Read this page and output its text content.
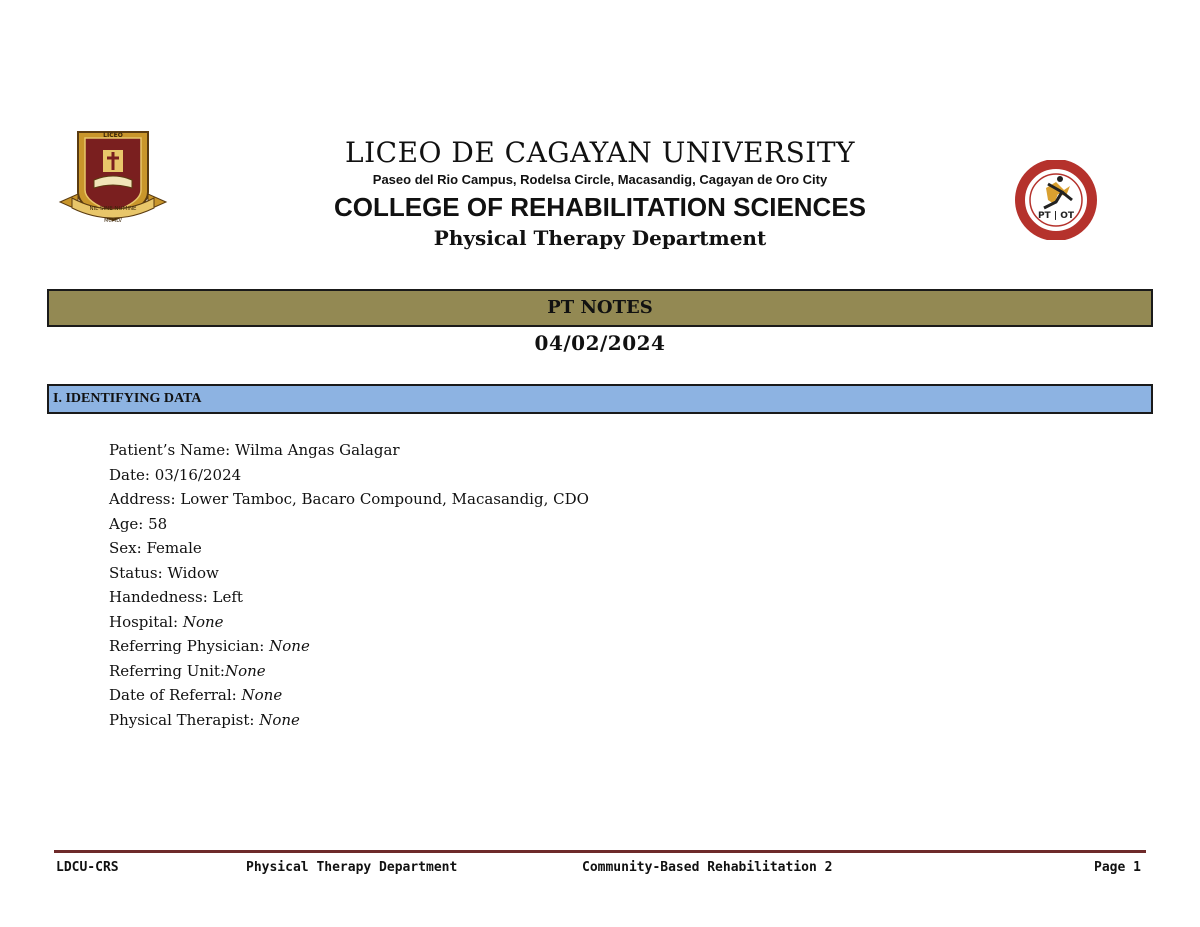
LICEO
NIL SINE NUMINE
MCMLV	PT | OT
LICEO DE CAGAYAN UNIVERSITY
Paseo del Rio Campus, Rodelsa Circle, Macasandig, Cagayan de Oro City
COLLEGE OF REHABILITATION SCIENCES
Physical Therapy Department
PT NOTES
04/02/2024
I. IDENTIFYING DATA
Patient’s Name: Wilma Angas Galagar
Date: 03/16/2024
Address: Lower Tamboc, Bacaro Compound, Macasandig, CDO
Age: 58
Sex: Female
Status: Widow
Handedness: Left
Hospital: None
Referring Physician: None
Referring Unit:None
Date of Referral: None
Physical Therapist: None
LDCU-CRS	Physical Therapy Department	Community-Based Rehabilitation 2	Page 1
